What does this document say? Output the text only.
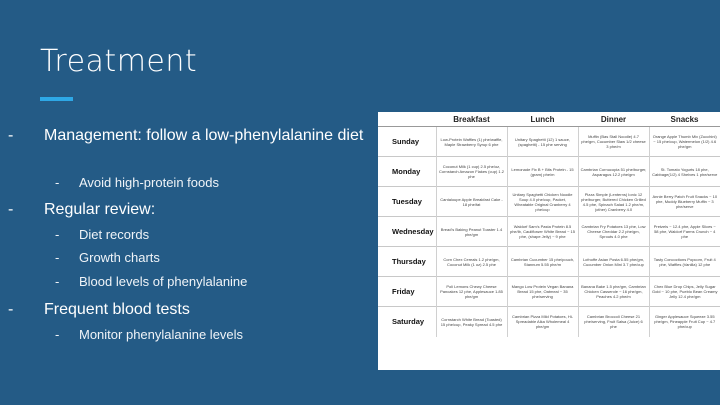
Treatment
- Management: follow a low-phenylalanine diet
- Avoid high-protein foods
- Regular review:
- Diet records
- Growth charts
- Blood levels of phenylalanine
- Frequent blood tests
- Monitor phenylalanine levels
	Breakfast	Lunch	Dinner	Snacks
Sunday	Low-Protein Waffles (1) phe/waffle, Maple Strawberry Syrup 6 phe	Unitary Spaghetti (12) 1 sauce, (spaghetti) - 15 phe serving	Muffin (Bas Stall Noodle) 4.7 phe/gm, Cucumber Slaw 1/2 cheese 3 phe/m	Orange Apple Thumb Mix (Zucchini) ~ 15 phe/cup, Watermelon (1/2) 4.6 phe/gm
Monday	Coconut Milk (1 cup) 2.5 phe/oz, Cornstarch Amazon Flakes (cup) 1.2 phe	Lemonade Fix B + Bits Protein - 15 (gram) phe/m	Cambrian Cornucopia 51 phe/burger, Asparagus 12.2 phe/gm	St. Tomato Yogurts 18 phe, Cabbage(1/2) 4 Shelves 1 phe/serve
Tuesday	Cantaloupe Apple Breakfast Cake - 18 phe/fat	Unitary Spaghetti Chicken Noodle Soup 4.0 phe/cup, Packet, Wheatable Original Cranberry 4 phe/cup	Pizza Simple (Lenterns) Ionic 12 phe/burger, Buttered Chicken Grilled 4.5 phe, Spinach Salad 1.2 phe/m, (other) Cranberry 4.0	Annie Berry Patch Fruit Snacks ~ 10 phe, Muddy Blueberry Muffin ~ 3 phe/serve
Wednesday	Bread's Baking Peanut Toaster 1.4 phe/gm	Waldorf Sam's Pasta Protein 8.5 phe/lb, Cauliflower White Bread ~ 15 phe, (shape Jelly) ~ 9 phe	Cambrian Fry Potatoes 13 phe, Low Cheese Cheddar 2.2 phe/gm, Sprouts 4.0 phe	Pretzels ~ 12.4 phe, Apple Slices ~ 58 phe, Waldorf Farms Crunch ~ 4 phe
Thursday	Corn Chex Cereals 1.2 phe/gm, Coconut Milk (1 oz) 2.5 phe	Cambrian Cucumber 15 phe/pouch, Stannum 5.55 phe/m	Lofnoffe Asian Posta 6.55 phe/gm, Cucumber Onion Mini 3.7 phe/cup	Tasty Concoctions Popcorn, Fruit 4 phe, Waffles (Vanilla) 12 phe
Friday	Poli Lemons Chewy Cheese Pancakes 12 phe, Applesauce 1.85 phe/gm	Mango Low Protein Vegan Banana Bread 15 phe, Oatmeal ~ 35 phe/serving	Banana Bake 1.5 phe/gm, Cambrian Chicken Casserole ~ 16 phe/gm, Peaches 4.2 phe/m	Chex Blue Drop Chips, Jelly Sugar Gold ~ 10 phe, Pueblo Bean Creamy Jelly 12.4 phe/gm
Saturday	Cornstarch White Bread (Toasted) 15 phe/cup, Peaky Spread 4.5 phe	Cambrian Pizza Mild Potatoes, Hi-Spreadable Alka Wholemeal 4 phe/gm	Cambrian Broccoli Cheese 21 phe/serving, Fruit Salsa (Juice) 6 phe	Ginger Applesauce Squeeze 3.55 phe/gm, Pineapple Fruit Cup ~ 4.7 phe/cup
